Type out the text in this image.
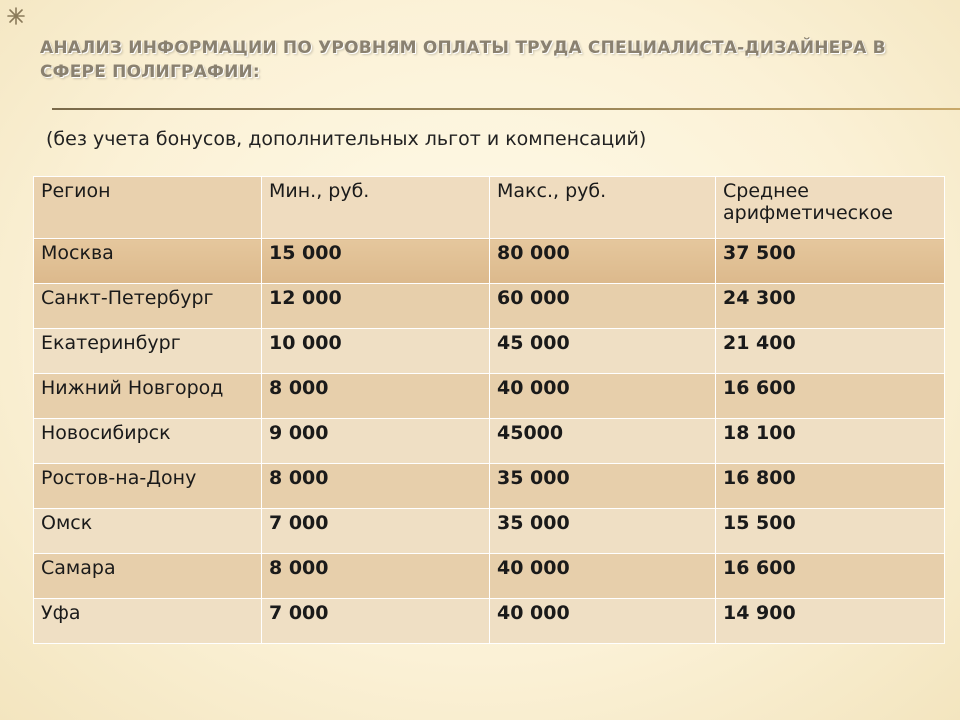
АНАЛИЗ ИНФОРМАЦИИ ПО УРОВНЯМ ОПЛАТЫ ТРУДА СПЕЦИАЛИСТА-ДИЗАЙНЕРА В СФЕРЕ ПОЛИГРАФИИ:
(без учета бонусов, дополнительных льгот и компенсаций)
Регион	Мин., руб.	Макс., руб.	Среднее арифметическое
Москва	15 000	80 000	37 500
Санкт-Петербург	12 000	60 000	24 300
Екатеринбург	10 000	45 000	21 400
Нижний Новгород	8 000	40 000	16 600
Новосибирск	9 000	45000	18 100
Ростов-на-Дону	8 000	35 000	16 800
Омск	7 000	35 000	15 500
Самара	8 000	40 000	16 600
Уфа	7 000	40 000	14 900
